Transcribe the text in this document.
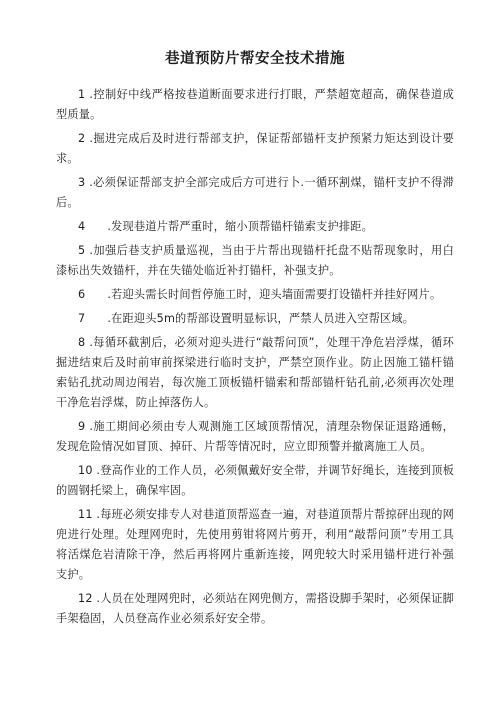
巷道预防片帮安全技术措施

1 .控制好中线严格按巷道断面要求进行打眼，严禁超宽超高，确保巷道成型质量。

2 .掘进完成后及时进行帮部支护，保证帮部锚杆支护预紧力矩达到设计要求。

3 .必须保证帮部支护全部完成后方可进行卜.一循环割煤，锚杆支护不得滞后。

4 .发现巷道片帮严重时，缩小顶帮锚杆锚索支护排距。

5 .加强后巷支护质量巡视，当由于片帮出现锚杆托盘不贴帮现象时，用白漆标出失效锚杆，并在失锚处临近补打锚杆，补强支护。

6 .若迎头需长时间哲停施工时，迎头墙面需要打设锚杆并挂好网片。

7 .在距迎头5m的帮部设置明显标识，严禁人员进入空帮区域。

8 .每循环截割后，必须对迎头进行“敲帮问顶”，处理干净危岩浮煤，循环掘进结束后及时前审前探梁进行临时支护，严禁空顶作业。防止因施工锚杆锚索钻孔扰动周边闱岩，每次施工顶板锚杆锚索和帮部锚杆钻孔前,必须再次处理干净危岩浮煤，防止掉落伤人。

9 .施工期间必须由专人观测施工区域顶帮情况，清理杂物保证退路通畅，发现危险情况如冒顶、掉矸、片帮等情况时，应立即预警并撤离施工人员。

10 .登高作业的工作人员，必须佩戴好安全带，并调节好绳长，连接到顶板的圆钢托梁上，确保牢固。

11 .每班必须安排专人对巷道顶帮巡查一遍，对巷道顶帮片帮掠砰出现的网兜进行处理。处理网兜时，先使用剪钳将网片剪开，利用“敲帮问顶”专用工具将活煤危岩清除干净，然后再将网片重新连接，网兜较大时采用锚杆进行补强支护。

12 .人员在处理网兜时，必须站在网兜侧方，需搭设脚手架时，必须保证脚手架稳固，人员登高作业必须系好安全带。
